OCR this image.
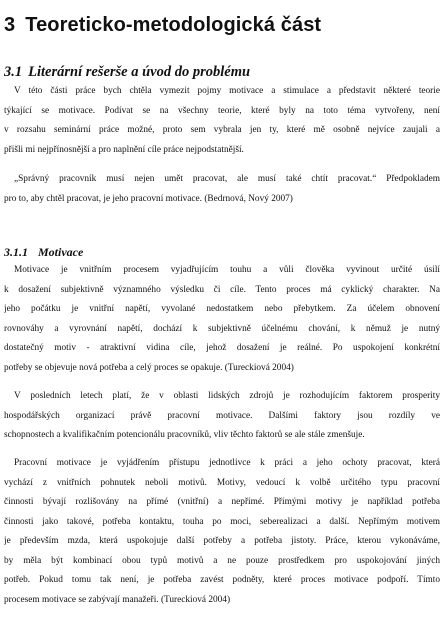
3 Teoreticko-metodologická část
3.1 Literární rešerše a úvod do problému

V této části práce bych chtěla vymezit pojmy motivace a stimulace a představit některé teorie
týkající se motivace. Podívat se na všechny teorie, které byly na toto téma vytvořeny, není
v rozsahu seminární práce možné, proto sem vybrala jen ty, které mě osobně nejvíce zaujali a
přišli mi nejpřínosnější a pro naplnění cíle práce nejpodstatnější.

„Správný pracovník musí nejen umět pracovat, ale musí také chtít pracovat.“ Předpokladem
pro to, aby chtěl pracovat, je jeho pracovní motivace. (Bedrnová, Nový 2007)

3.1.1 Motivace

Motivace je vnitřním procesem vyjadřujícím touhu a vůli člověka vyvinout určité úsilí
k dosažení subjektivně významného výsledku či cíle. Tento proces má cyklický charakter. Na
jeho počátku je vnitřní napětí, vyvolané nedostatkem nebo přebytkem. Za účelem obnovení
rovnováhy a vyrovnání napětí, dochází k subjektivně účelnému chování, k němuž je nutný
dostatečný motiv - atraktivní vidina cíle, jehož dosažení je reálné. Po uspokojení konkrétní
potřeby se objevuje nová potřeba a celý proces se opakuje. (Tureckiová 2004)

V posledních letech platí, že v oblasti lidských zdrojů je rozhodujícím faktorem prosperity
hospodářských organizací právě pracovní motivace. Dalšími faktory jsou rozdíly ve
schopnostech a kvalifikačním potencionálu pracovníků, vliv těchto faktorů se ale stále zmenšuje.

Pracovní motivace je vyjádřením přístupu jednotlivce k práci a jeho ochoty pracovat, která
vychází z vnitřních pohnutek neboli motivů. Motivy, vedoucí k volbě určitého typu pracovní
činnosti bývají rozlišovány na přímé (vnitřní) a nepřímé. Přímými motivy je například potřeba
činnosti jako takové, potřeba kontaktu, touha po moci, seberealizaci a další. Nepřímým motivem
je především mzda, která uspokojuje další potřeby a potřeba jistoty. Práce, kterou vykonáváme,
by měla být kombinací obou typů motivů a ne pouze prostředkem pro uspokojování jiných
potřeb. Pokud tomu tak není, je potřeba zavést podněty, které proces motivace podpoří. Tímto
procesem motivace se zabývají manažeři. (Tureckiová 2004)
